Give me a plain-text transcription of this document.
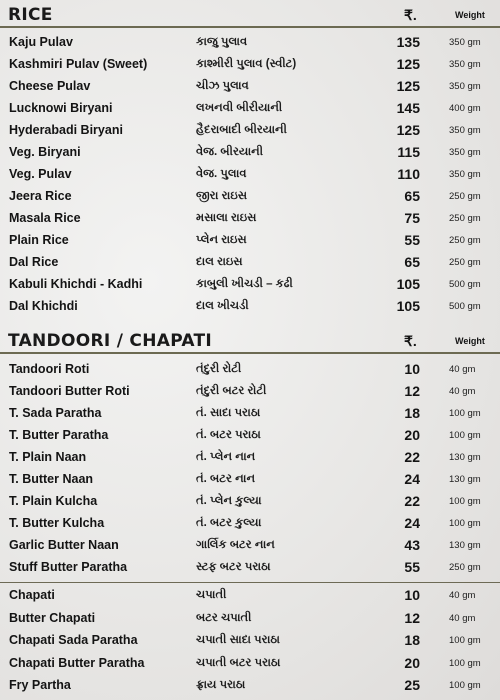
RICE	₹.	Weight
Kaju Pulav	કાજુ પુલાવ	135	350 gm
Kashmiri Pulav (Sweet)	કાશ્મીરી પુલાવ (સ્વીટ)	125	350 gm
Cheese Pulav	ચીઝ પુલાવ	125	350 gm
Lucknowi Biryani	લખનવી બીરીયાની	145	400 gm
Hyderabadi Biryani	હૈદરાબાદી બીરયાની	125	350 gm
Veg. Biryani	વેજ. બીરયાની	115	350 gm
Veg. Pulav	વેજ. પુલાવ	110	350 gm
Jeera Rice	જીરા રાઇસ	65	250 gm
Masala Rice	મસાલા રાઇસ	75	250 gm
Plain Rice	પ્લેન રાઇસ	55	250 gm
Dal Rice	દાલ રાઇસ	65	250 gm
Kabuli Khichdi - Kadhi	કાબુલી ખીચડી – કઢી	105	500 gm
Dal Khichdi	દાલ ખીચડી	105	500 gm
TANDOORI / CHAPATI	₹.	Weight
Tandoori Roti	તંદુરી રોટી	10	40 gm
Tandoori Butter Roti	તંદુરી બટર રોટી	12	40 gm
T. Sada Paratha	તં. સાદા પરાઠા	18	100 gm
T. Butter Paratha	તં. બટર પરાઠા	20	100 gm
T. Plain Naan	તં. પ્લેન નાન	22	130 gm
T. Butter Naan	તં. બટર નાન	24	130 gm
T. Plain Kulcha	તં. પ્લેન કુલ્યા	22	100 gm
T. Butter Kulcha	તં. બટર કુલ્યા	24	100 gm
Garlic Butter Naan	ગાર્લિક બટર નાન	43	130 gm
Stuff Butter Paratha	સ્ટફ બટર પરાઠા	55	250 gm
Chapati	ચપાતી	10	40 gm
Butter Chapati	બટર ચપાતી	12	40 gm
Chapati Sada Paratha	ચપાતી સાદા પરાઠા	18	100 gm
Chapati Butter Paratha	ચપાતી બટર પરાઠા	20	100 gm
Fry Partha	ફ્રાય પરાઠા	25	100 gm
